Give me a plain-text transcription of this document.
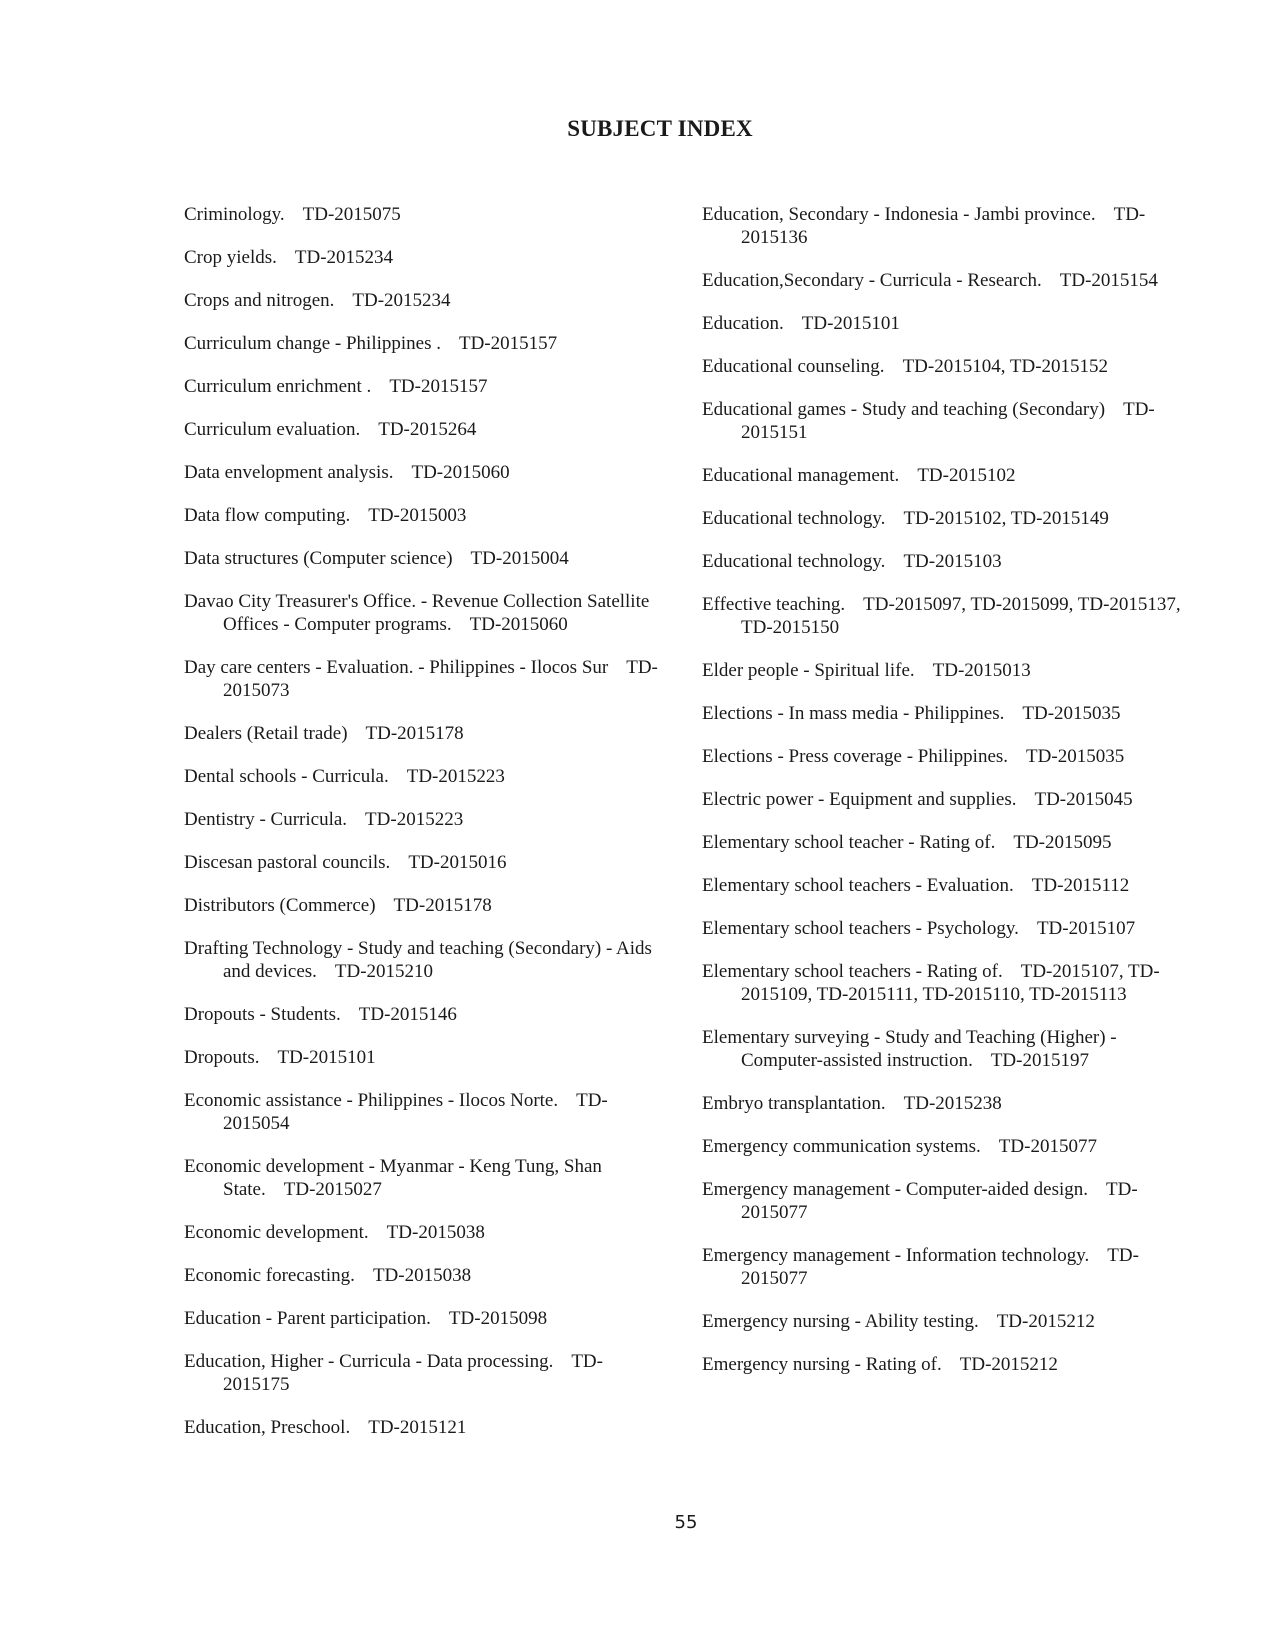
SUBJECT INDEX
Criminology. TD-2015075
Crop yields. TD-2015234
Crops and nitrogen. TD-2015234
Curriculum change - Philippines . TD-2015157
Curriculum enrichment . TD-2015157
Curriculum evaluation. TD-2015264
Data envelopment analysis. TD-2015060
Data flow computing. TD-2015003
Data structures (Computer science) TD-2015004
Davao City Treasurer's Office. - Revenue Collection Satellite Offices - Computer programs. TD-2015060
Day care centers - Evaluation. - Philippines - Ilocos Sur TD-2015073
Dealers (Retail trade) TD-2015178
Dental schools - Curricula. TD-2015223
Dentistry - Curricula. TD-2015223
Discesan pastoral councils. TD-2015016
Distributors (Commerce) TD-2015178
Drafting Technology - Study and teaching (Secondary) - Aids and devices. TD-2015210
Dropouts - Students. TD-2015146
Dropouts. TD-2015101
Economic assistance - Philippines - Ilocos Norte. TD-2015054
Economic development - Myanmar - Keng Tung, Shan State. TD-2015027
Economic development. TD-2015038
Economic forecasting. TD-2015038
Education - Parent participation. TD-2015098
Education, Higher - Curricula - Data processing. TD-2015175
Education, Preschool. TD-2015121
Education, Secondary - Indonesia - Jambi province. TD-2015136
Education,Secondary - Curricula - Research. TD-2015154
Education. TD-2015101
Educational counseling. TD-2015104, TD-2015152
Educational games - Study and teaching (Secondary) TD-2015151
Educational management. TD-2015102
Educational technology. TD-2015102, TD-2015149
Educational technology. TD-2015103
Effective teaching. TD-2015097, TD-2015099, TD-2015137, TD-2015150
Elder people - Spiritual life. TD-2015013
Elections - In mass media - Philippines. TD-2015035
Elections - Press coverage - Philippines. TD-2015035
Electric power - Equipment and supplies. TD-2015045
Elementary school teacher - Rating of. TD-2015095
Elementary school teachers - Evaluation. TD-2015112
Elementary school teachers - Psychology. TD-2015107
Elementary school teachers - Rating of. TD-2015107, TD-2015109, TD-2015111, TD-2015110, TD-2015113
Elementary surveying - Study and Teaching (Higher) - Computer-assisted instruction. TD-2015197
Embryo transplantation. TD-2015238
Emergency communication systems. TD-2015077
Emergency management - Computer-aided design. TD-2015077
Emergency management - Information technology. TD-2015077
Emergency nursing - Ability testing. TD-2015212
Emergency nursing - Rating of. TD-2015212
55
